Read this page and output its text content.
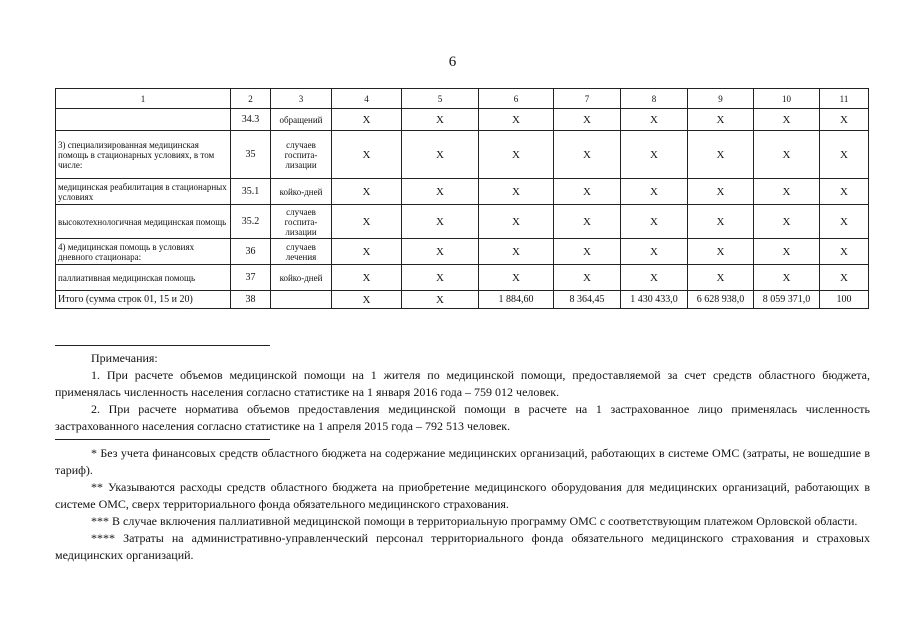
6
1	2	3	4	5	6	7	8	9	10	11
	34.3	обращений	Х	Х	Х	Х	Х	Х	Х	Х
3) специализированная медицинская помощь в стационарных условиях, в том числе:	35	случаев госпита-лизации	Х	Х	Х	Х	Х	Х	Х	Х
медицинская реабилитация в стационарных условиях	35.1	койко-дней	Х	Х	Х	Х	Х	Х	Х	Х
высокотехнологичная медицинская помощь	35.2	случаев госпита-лизации	Х	Х	Х	Х	Х	Х	Х	Х
4) медицинская помощь в условиях дневного стационара:	36	случаев лечения	Х	Х	Х	Х	Х	Х	Х	Х
паллиативная медицинская помощь	37	койко-дней	Х	Х	Х	Х	Х	Х	Х	Х
Итого (сумма строк 01, 15 и 20)	38		Х	Х	1 884,60	8 364,45	1 430 433,0	6 628 938,0	8 059 371,0	100

Примечания:

1. При расчете объемов медицинской помощи на 1 жителя по медицинской помощи, предоставляемой за счет средств областного бюджета, применялась численность населения согласно статистике на 1 января 2016 года – 759 012 человек.

2. При расчете норматива объемов предоставления медицинской помощи в расчете на 1 застрахованное лицо применялась численность застрахованного населения согласно статистике на 1 апреля 2015 года – 792 513 человек.

* Без учета финансовых средств областного бюджета на содержание медицинских организаций, работающих в системе ОМС (затраты, не вошедшие в тариф).

** Указываются расходы средств областного бюджета на приобретение медицинского оборудования для медицинских организаций, работающих в системе ОМС, сверх территориального фонда обязательного медицинского страхования.

*** В случае включения паллиативной медицинской помощи в территориальную программу ОМС с соответствующим платежом Орловской области.

**** Затраты на административно-управленческий персонал территориального фонда обязательного медицинского страхования и страховых медицинских организаций.
